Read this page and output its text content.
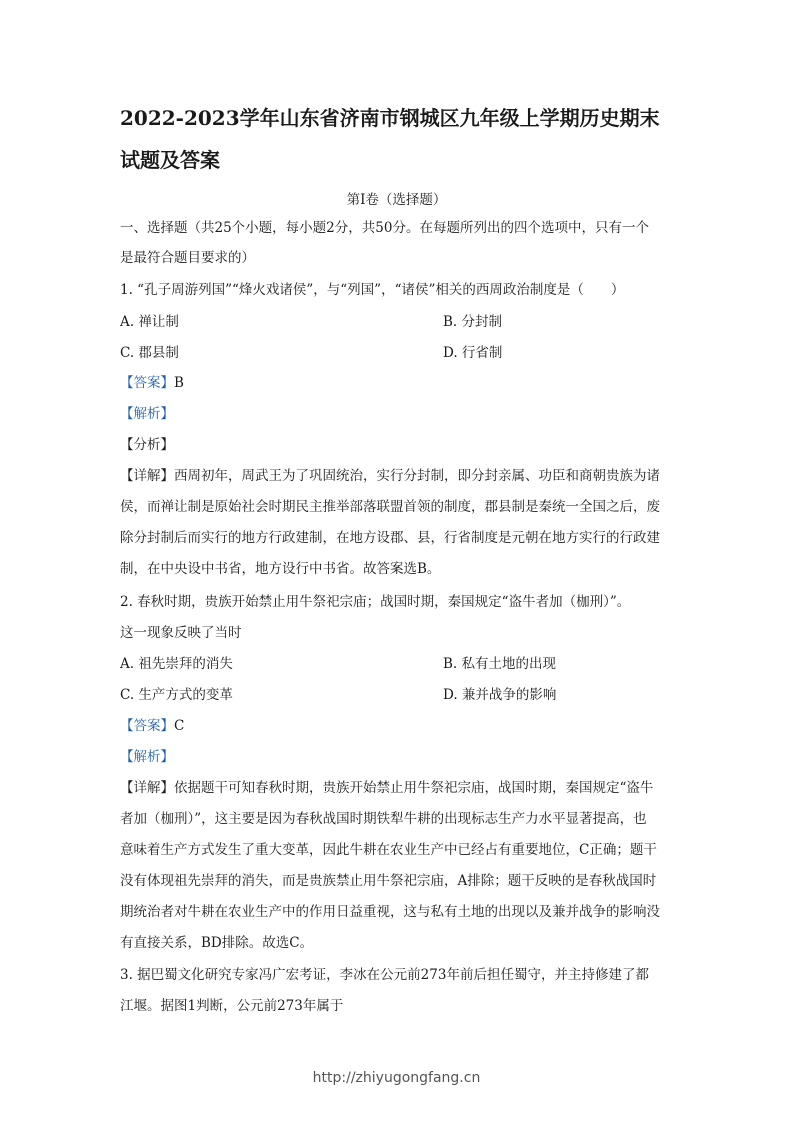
2022-2023学年山东省济南市钢城区九年级上学期历史期末
试题及答案
第Ⅰ卷（选择题）
一、选择题（共25个小题，每小题2分，共50分。在每题所列出的四个选项中，只有一个
是最符合题目要求的）
1. “孔子周游列国”“烽火戏诸侯”，与“列国”，“诸侯”相关的西周政治制度是（　　）
A. 禅让制	B. 分封制
C. 郡县制	D. 行省制
【答案】B
【解析】
【分析】
【详解】西周初年，周武王为了巩固统治，实行分封制，即分封亲属、功臣和商朝贵族为诸
侯，而禅让制是原始社会时期民主推举部落联盟首领的制度，郡县制是秦统一全国之后，废
除分封制后而实行的地方行政建制，在地方设郡、县，行省制度是元朝在地方实行的行政建
制，在中央设中书省，地方设行中书省。故答案选B。
2. 春秋时期，贵族开始禁止用牛祭祀宗庙；战国时期，秦国规定“盗牛者加（枷刑）”。
这一现象反映了当时
A. 祖先崇拜的消失	B. 私有土地的出现
C. 生产方式的变革	D. 兼并战争的影响
【答案】C
【解析】
【详解】依据题干可知春秋时期，贵族开始禁止用牛祭祀宗庙，战国时期，秦国规定“盗牛
者加（枷刑）”，这主要是因为春秋战国时期铁犁牛耕的出现标志生产力水平显著提高，也
意味着生产方式发生了重大变革，因此牛耕在农业生产中已经占有重要地位，C正确；题干
没有体现祖先崇拜的消失，而是贵族禁止用牛祭祀宗庙，A排除；题干反映的是春秋战国时
期统治者对牛耕在农业生产中的作用日益重视，这与私有土地的出现以及兼并战争的影响没
有直接关系，BD排除。故选C。
3. 据巴蜀文化研究专家冯广宏考证，李冰在公元前273年前后担任蜀守，并主持修建了都
江堰。据图1判断，公元前273年属于
http://zhiyugongfang.cn
